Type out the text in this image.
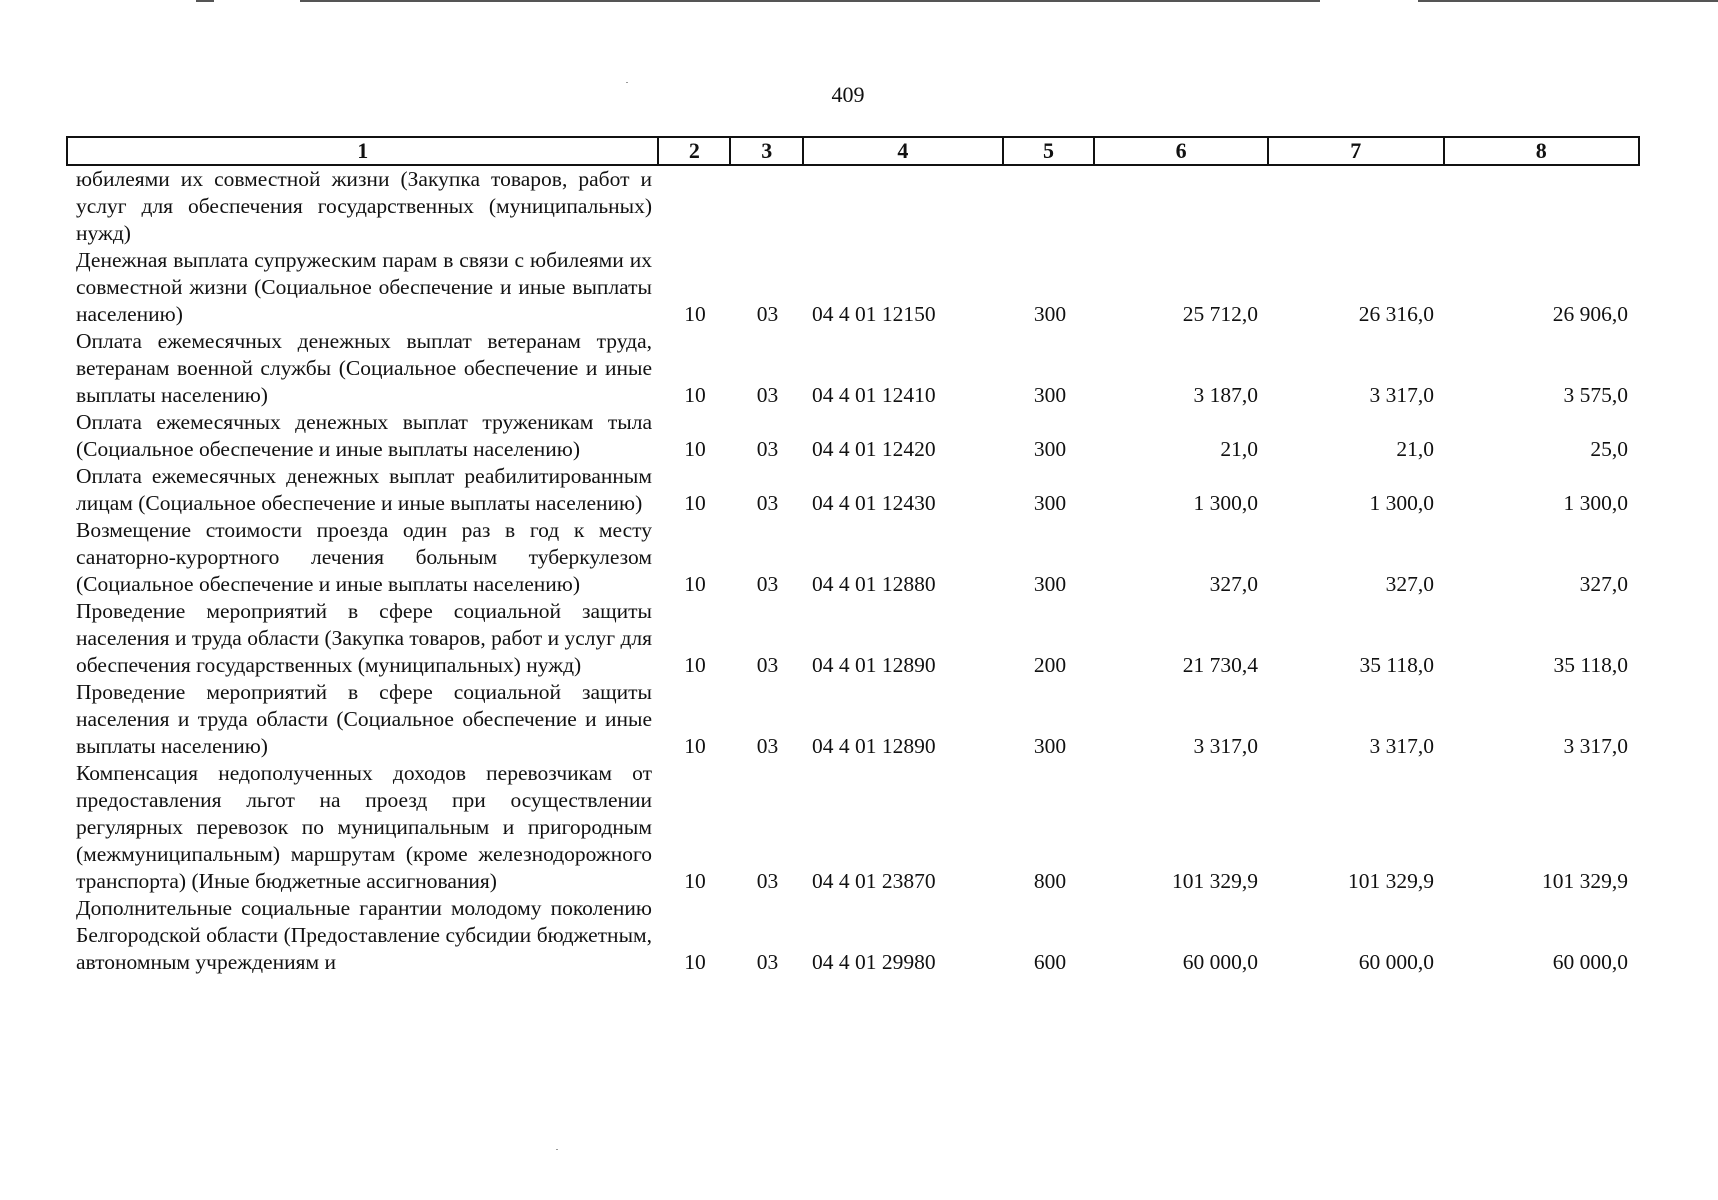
409
1	2	3	4	5	6	7	8
юбилеями их совместной жизни (Закупка товаров, работ и услуг для обеспечения государственных (муниципальных) нужд)
Денежная выплата супружеским парам в связи с юбилеями их совместной жизни (Социальное обеспечение и иные выплаты населению)	10	03	04 4 01 12150	300	25 712,0	26 316,0	26 906,0
Оплата ежемесячных денежных выплат ветеранам труда, ветеранам военной службы (Социальное обеспечение и иные выплаты населению)	10	03	04 4 01 12410	300	3 187,0	3 317,0	3 575,0
Оплата ежемесячных денежных выплат труженикам тыла (Социальное обеспечение и иные выплаты населению)	10	03	04 4 01 12420	300	21,0	21,0	25,0
Оплата ежемесячных денежных выплат реабилитированным лицам (Социальное обеспечение и иные выплаты населению)	10	03	04 4 01 12430	300	1 300,0	1 300,0	1 300,0
Возмещение стоимости проезда один раз в год к месту санаторно-курортного лечения больным туберкулезом (Социальное обеспечение и иные выплаты населению)	10	03	04 4 01 12880	300	327,0	327,0	327,0
Проведение мероприятий в сфере социальной защиты населения и труда области (Закупка товаров, работ и услуг для обеспечения государственных (муниципальных) нужд)	10	03	04 4 01 12890	200	21 730,4	35 118,0	35 118,0
Проведение мероприятий в сфере социальной защиты населения и труда области (Социальное обеспечение и иные выплаты населению)	10	03	04 4 01 12890	300	3 317,0	3 317,0	3 317,0
Компенсация недополученных доходов перевозчикам от предоставления льгот на проезд при осуществлении регулярных перевозок по муниципальным и пригородным (межмуниципальным) маршрутам (кроме железнодорожного транспорта) (Иные бюджетные ассигнования)	10	03	04 4 01 23870	800	101 329,9	101 329,9	101 329,9
Дополнительные социальные гарантии молодому поколению Белгородской области (Предоставление субсидии бюджетным, автономным учреждениям и	10	03	04 4 01 29980	600	60 000,0	60 000,0	60 000,0
